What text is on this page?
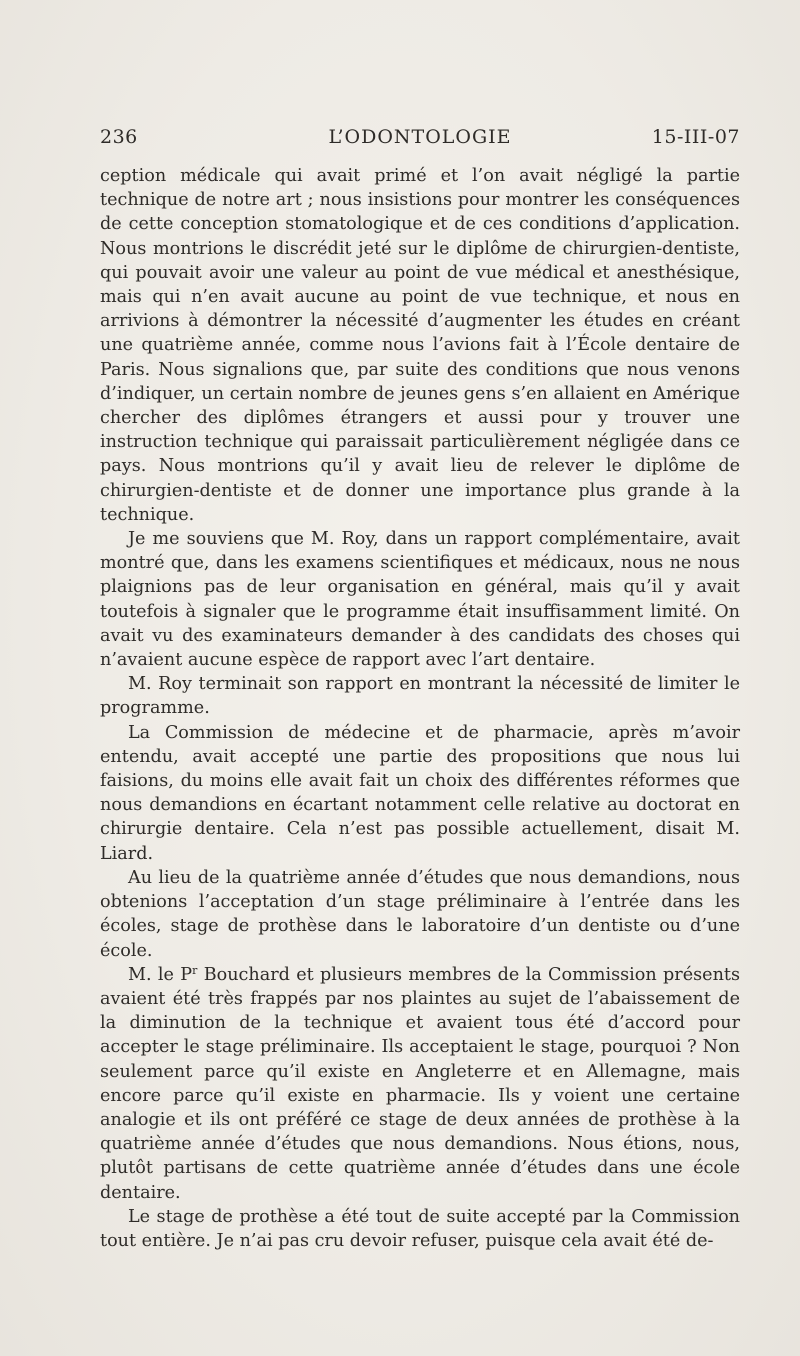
236	L’ODONTOLOGIE	15-III-07

ception médicale qui avait primé et l’on avait négligé la partie technique de notre art ; nous insistions pour montrer les conséquences de cette conception stomatologique et de ces conditions d’application. Nous montrions le discrédit jeté sur le diplôme de chirurgien-dentiste, qui pouvait avoir une valeur au point de vue médical et anesthésique, mais qui n’en avait aucune au point de vue technique, et nous en arrivions à démontrer la nécessité d’augmenter les études en créant une quatrième année, comme nous l’avions fait à l’École dentaire de Paris. Nous signalions que, par suite des conditions que nous venons d’indiquer, un certain nombre de jeunes gens s’en allaient en Amérique chercher des diplômes étrangers et aussi pour y trouver une instruction technique qui paraissait particulièrement négligée dans ce pays. Nous montrions qu’il y avait lieu de relever le diplôme de chirurgien-dentiste et de donner une importance plus grande à la technique.

Je me souviens que M. Roy, dans un rapport complémentaire, avait montré que, dans les examens scientifiques et médicaux, nous ne nous plaignions pas de leur organisation en général, mais qu’il y avait toutefois à signaler que le programme était insuffisamment limité. On avait vu des examinateurs demander à des candidats des choses qui n’avaient aucune espèce de rapport avec l’art dentaire.

M. Roy terminait son rapport en montrant la nécessité de limiter le programme.

La Commission de médecine et de pharmacie, après m’avoir entendu, avait accepté une partie des propositions que nous lui faisions, du moins elle avait fait un choix des différentes réformes que nous demandions en écartant notamment celle relative au doctorat en chirurgie dentaire. Cela n’est pas possible actuellement, disait M. Liard.

Au lieu de la quatrième année d’études que nous demandions, nous obtenions l’acceptation d’un stage préliminaire à l’entrée dans les écoles, stage de prothèse dans le laboratoire d’un dentiste ou d’une école.

M. le $P^r$ Bouchard et plusieurs membres de la Commission présents avaient été très frappés par nos plaintes au sujet de l’abaissement de la diminution de la technique et avaient tous été d’accord pour accepter le stage préliminaire. Ils acceptaient le stage, pourquoi ? Non seulement parce qu’il existe en Angleterre et en Allemagne, mais encore parce qu’il existe en pharmacie. Ils y voient une certaine analogie et ils ont préféré ce stage de deux années de prothèse à la quatrième année d’études que nous demandions. Nous étions, nous, plutôt partisans de cette quatrième année d’études dans une école dentaire.

Le stage de prothèse a été tout de suite accepté par la Commission tout entière. Je n’ai pas cru devoir refuser, puisque cela avait été de-
